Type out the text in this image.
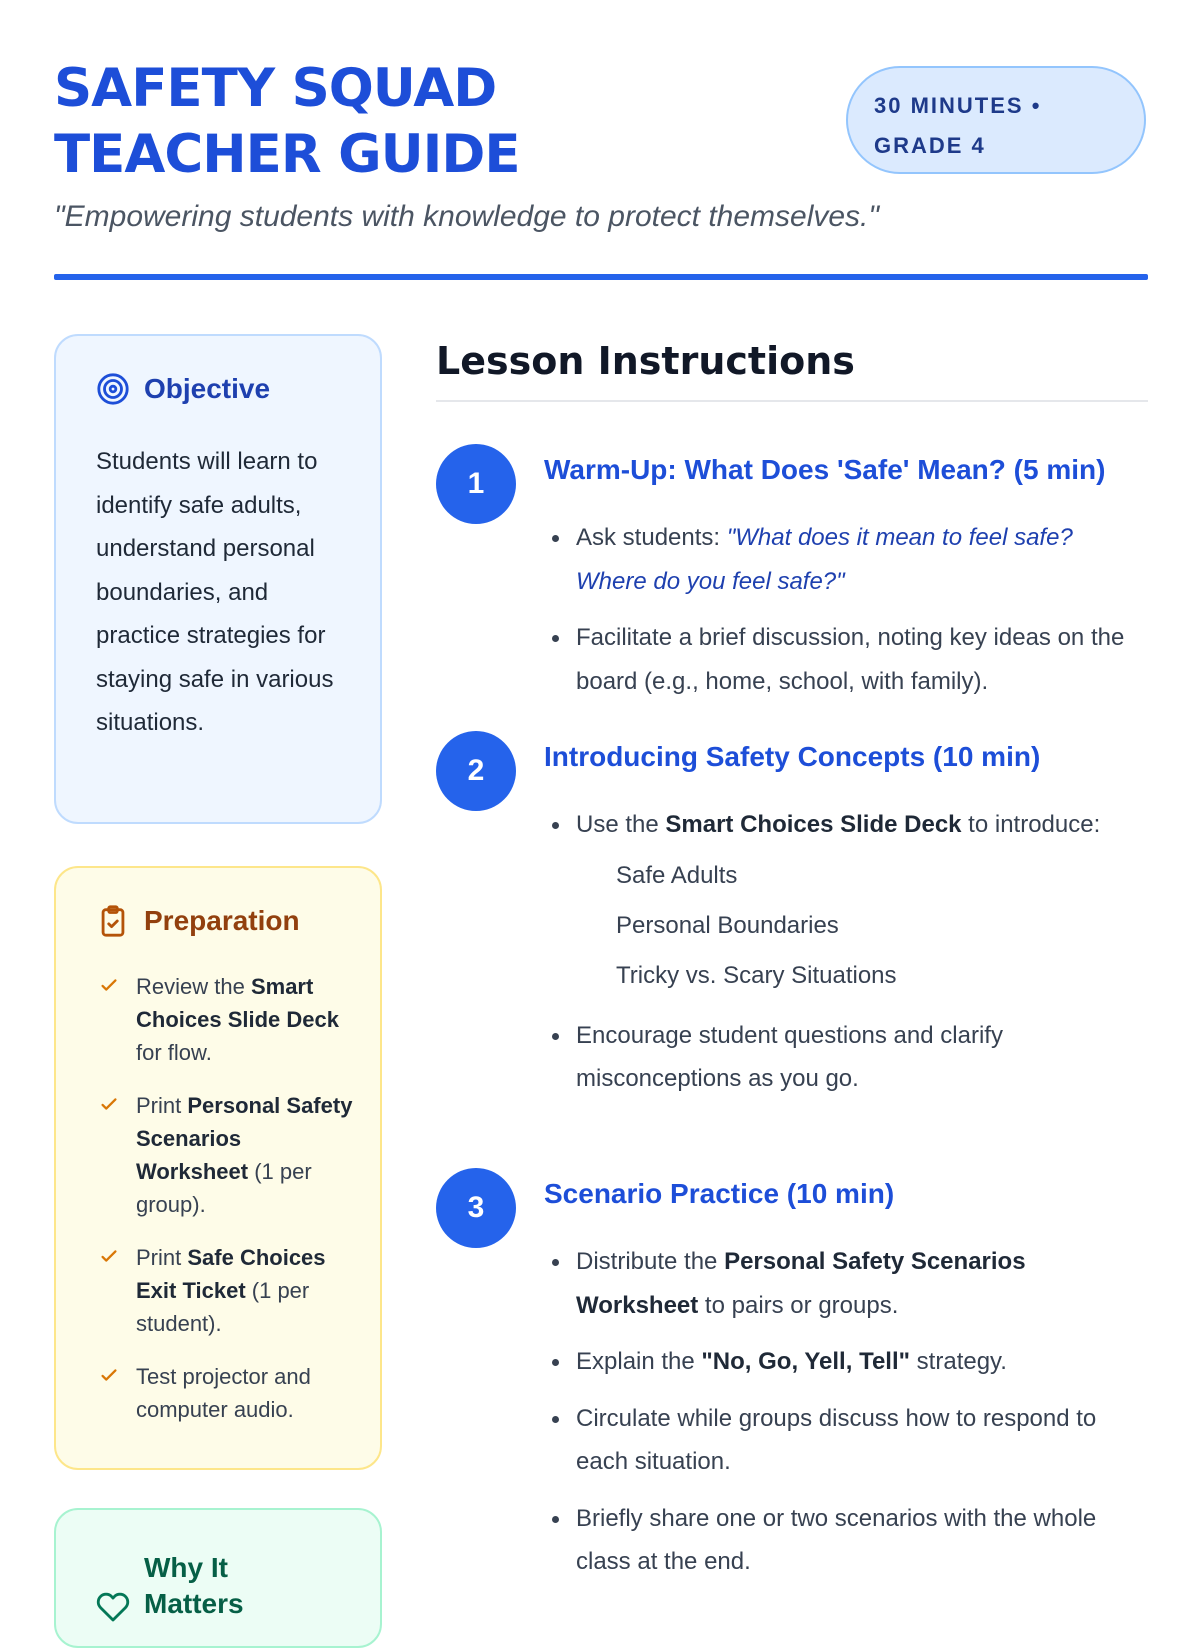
SAFETY SQUAD
TEACHER GUIDE
30 MINUTES •
GRADE 4
"Empowering students with knowledge to protect themselves."
Objective
Students will learn to identify safe adults, understand personal boundaries, and practice strategies for staying safe in various situations.
Preparation
Review the Smart Choices Slide Deck for flow.
Print Personal Safety Scenarios Worksheet (1 per group).
Print Safe Choices Exit Ticket (1 per student).
Test projector and computer audio.
Why It Matters
Lesson Instructions
1	Warm-Up: What Does 'Safe' Mean? (5 min)
Ask students: "What does it mean to feel safe? Where do you feel safe?"
Facilitate a brief discussion, noting key ideas on the board (e.g., home, school, with family).
2	Introducing Safety Concepts (10 min)
Use the Smart Choices Slide Deck to introduce:
Safe Adults
Personal Boundaries
Tricky vs. Scary Situations
Encourage student questions and clarify misconceptions as you go.
3	Scenario Practice (10 min)
Distribute the Personal Safety Scenarios Worksheet to pairs or groups.
Explain the "No, Go, Yell, Tell" strategy.
Circulate while groups discuss how to respond to each situation.
Briefly share one or two scenarios with the whole class at the end.
